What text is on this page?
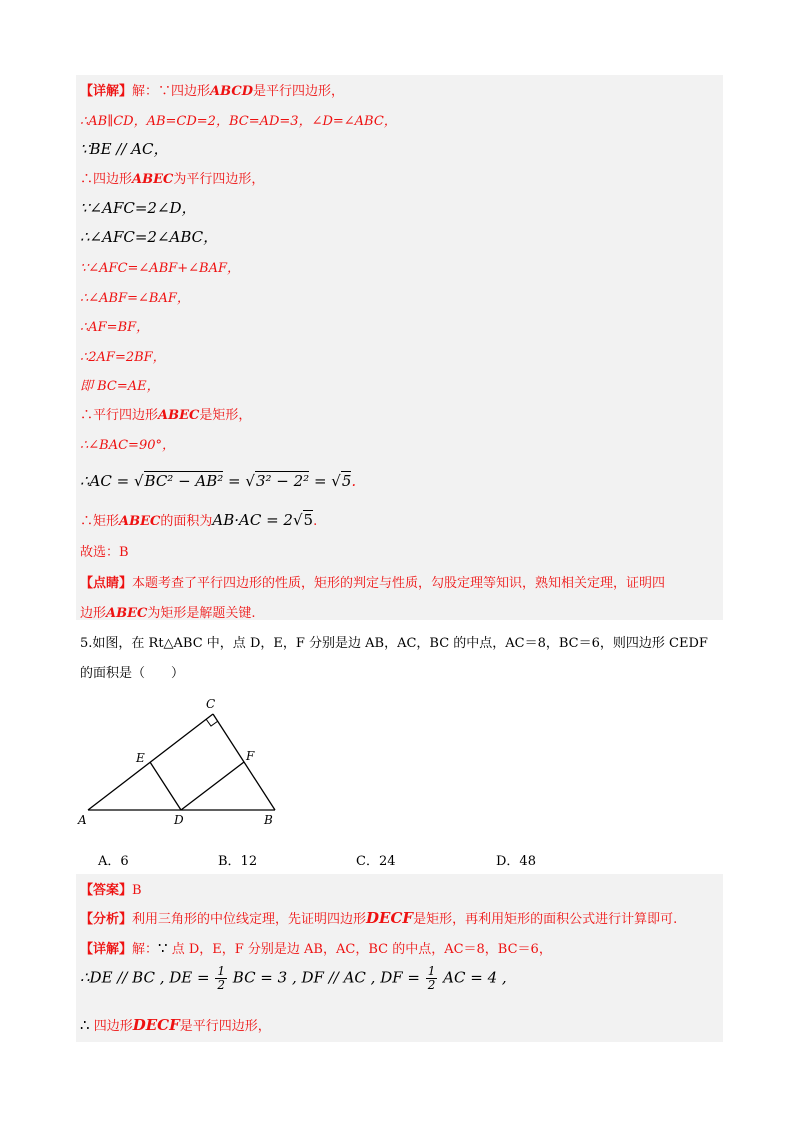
【详解】解：∵四边形ABCD是平行四边形，
∴AB∥CD，AB=CD=2，BC=AD=3，∠D=∠ABC，
∵BE // AC，
∴四边形ABEC为平行四边形，
∵∠AFC=2∠D，
∴∠AFC=2∠ABC，
∵∠AFC=∠ABF+∠BAF，
∴∠ABF=∠BAF，
∴AF=BF，
∴2AF=2BF，
即 BC=AE，
∴平行四边形ABEC是矩形，
∴∠BAC=90°，
∴AC = √BC² − AB² = √3² − 2² = √5.
∴矩形ABEC的面积为AB·AC = 2√5.
故选：B
【点睛】本题考查了平行四边形的性质，矩形的判定与性质，勾股定理等知识，熟知相关定理，证明四
边形ABEC为矩形是解题关键.
5.如图，在 Rt△ABC 中，点 D，E，F 分别是边 AB，AC，BC 的中点，AC＝8，BC＝6，则四边形 CEDF
的面积是（　　）
C
E	F
A	D	B
A．6	B．12	C．24	D．48
【答案】B
【分析】利用三角形的中位线定理，先证明四边形DECF是矩形，再利用矩形的面积公式进行计算即可.
【详解】解：∵ 点 D，E，F 分别是边 AB，AC，BC 的中点，AC＝8，BC＝6，
∴DE // BC , DE = $\frac{1}{2}$ BC = 3 , DF // AC , DF = $\frac{1}{2}$ AC = 4 ,
∴ 四边形DECF是平行四边形，
